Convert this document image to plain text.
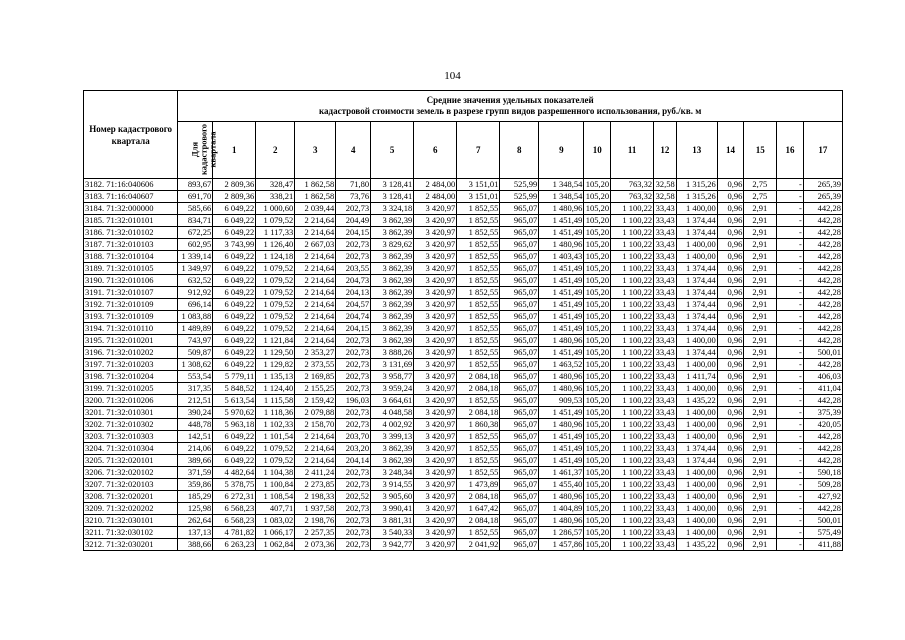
104
Номер кадастрового квартала	Средние значения удельных показателей
кадастровой стоимости земель в разрезе групп видов разрешенного использования, руб./кв. м																	

	Для кадастрового квартала	1	2	3	4	5	6	7	8	9	10	11	12	13	14	15	16	17
3182. 71:16:040606	893,67	2 809,36	328,47	1 862,58	71,80	3 128,41	2 484,00	3 151,01	525,99	1 348,54	105,20	763,32	32,58	1 315,26	0,96	2,75	-	265,39
3183. 71:16:040607	691,70	2 809,36	338,21	1 862,58	73,76	3 128,41	2 484,00	3 151,01	525,99	1 348,54	105,20	763,32	32,58	1 315,26	0,96	2,75	-	265,39
3184. 71:32:000000	585,66	6 049,22	1 000,60	2 039,44	202,73	3 324,18	3 420,97	1 852,55	965,07	1 480,96	105,20	1 100,22	33,43	1 400,00	0,96	2,91	-	442,28
3185. 71:32:010101	834,71	6 049,22	1 079,52	2 214,64	204,49	3 862,39	3 420,97	1 852,55	965,07	1 451,49	105,20	1 100,22	33,43	1 374,44	0,96	2,91	-	442,28
3186. 71:32:010102	672,25	6 049,22	1 117,33	2 214,64	204,15	3 862,39	3 420,97	1 852,55	965,07	1 451,49	105,20	1 100,22	33,43	1 374,44	0,96	2,91	-	442,28
3187. 71:32:010103	602,95	3 743,99	1 126,40	2 667,03	202,73	3 829,62	3 420,97	1 852,55	965,07	1 480,96	105,20	1 100,22	33,43	1 400,00	0,96	2,91	-	442,28
3188. 71:32:010104	1 339,14	6 049,22	1 124,18	2 214,64	202,73	3 862,39	3 420,97	1 852,55	965,07	1 403,43	105,20	1 100,22	33,43	1 400,00	0,96	2,91	-	442,28
3189. 71:32:010105	1 349,97	6 049,22	1 079,52	2 214,64	203,55	3 862,39	3 420,97	1 852,55	965,07	1 451,49	105,20	1 100,22	33,43	1 374,44	0,96	2,91	-	442,28
3190. 71:32:010106	632,52	6 049,22	1 079,52	2 214,64	204,73	3 862,39	3 420,97	1 852,55	965,07	1 451,49	105,20	1 100,22	33,43	1 374,44	0,96	2,91	-	442,28
3191. 71:32:010107	912,92	6 049,22	1 079,52	2 214,64	204,13	3 862,39	3 420,97	1 852,55	965,07	1 451,49	105,20	1 100,22	33,43	1 374,44	0,96	2,91	-	442,28
3192. 71:32:010109	696,14	6 049,22	1 079,52	2 214,64	204,57	3 862,39	3 420,97	1 852,55	965,07	1 451,49	105,20	1 100,22	33,43	1 374,44	0,96	2,91	-	442,28
3193. 71:32:010109	1 083,88	6 049,22	1 079,52	2 214,64	204,74	3 862,39	3 420,97	1 852,55	965,07	1 451,49	105,20	1 100,22	33,43	1 374,44	0,96	2,91	-	442,28
3194. 71:32:010110	1 489,89	6 049,22	1 079,52	2 214,64	204,15	3 862,39	3 420,97	1 852,55	965,07	1 451,49	105,20	1 100,22	33,43	1 374,44	0,96	2,91	-	442,28
3195. 71:32:010201	743,97	6 049,22	1 121,84	2 214,64	202,73	3 862,39	3 420,97	1 852,55	965,07	1 480,96	105,20	1 100,22	33,43	1 400,00	0,96	2,91	-	442,28
3196. 71:32:010202	509,87	6 049,22	1 129,50	2 353,27	202,73	3 888,26	3 420,97	1 852,55	965,07	1 451,49	105,20	1 100,22	33,43	1 374,44	0,96	2,91	-	500,01
3197. 71:32:010203	1 308,62	6 049,22	1 129,82	2 373,55	202,73	3 131,69	3 420,97	1 852,55	965,07	1 463,52	105,20	1 100,22	33,43	1 400,00	0,96	2,91	-	442,28
3198. 71:32:010204	553,54	5 779,11	1 135,13	2 169,85	202,73	3 958,77	3 420,97	2 084,18	965,07	1 480,96	105,20	1 100,22	33,43	1 411,74	0,96	2,91	-	406,03
3199. 71:32:010205	317,35	5 848,52	1 124,40	2 155,25	202,73	3 959,24	3 420,97	2 084,18	965,07	1 480,96	105,20	1 100,22	33,43	1 400,00	0,96	2,91	-	411,04
3200. 71:32:010206	212,51	5 613,54	1 115,58	2 159,42	196,03	3 664,61	3 420,97	1 852,55	965,07	909,53	105,20	1 100,22	33,43	1 435,22	0,96	2,91	-	442,28
3201. 71:32:010301	390,24	5 970,62	1 118,36	2 079,88	202,73	4 048,58	3 420,97	2 084,18	965,07	1 451,49	105,20	1 100,22	33,43	1 400,00	0,96	2,91	-	375,39
3202. 71:32:010302	448,78	5 963,18	1 102,33	2 158,70	202,73	4 002,92	3 420,97	1 860,38	965,07	1 480,96	105,20	1 100,22	33,43	1 400,00	0,96	2,91	-	420,05
3203. 71:32:010303	142,51	6 049,22	1 101,54	2 214,64	203,70	3 399,13	3 420,97	1 852,55	965,07	1 451,49	105,20	1 100,22	33,43	1 400,00	0,96	2,91	-	442,28
3204. 71:32:010304	214,06	6 049,22	1 079,52	2 214,64	203,20	3 862,39	3 420,97	1 852,55	965,07	1 451,49	105,20	1 100,22	33,43	1 374,44	0,96	2,91	-	442,28
3205. 71:32:020101	389,66	6 049,22	1 079,52	2 214,64	204,14	3 862,39	3 420,97	1 852,55	965,07	1 451,49	105,20	1 100,22	33,43	1 374,44	0,96	2,91	-	442,28
3206. 71:32:020102	371,59	4 482,64	1 104,38	2 411,24	202,73	3 248,34	3 420,97	1 852,55	965,07	1 461,37	105,20	1 100,22	33,43	1 400,00	0,96	2,91	-	590,18
3207. 71:32:020103	359,86	5 378,75	1 100,84	2 273,85	202,73	3 914,55	3 420,97	1 473,89	965,07	1 455,40	105,20	1 100,22	33,43	1 400,00	0,96	2,91	-	509,28
3208. 71:32:020201	185,29	6 272,31	1 108,54	2 198,33	202,52	3 905,60	3 420,97	2 084,18	965,07	1 480,96	105,20	1 100,22	33,43	1 400,00	0,96	2,91	-	427,92
3209. 71:32:020202	125,98	6 568,23	407,71	1 937,58	202,73	3 990,41	3 420,97	1 647,42	965,07	1 404,89	105,20	1 100,22	33,43	1 400,00	0,96	2,91	-	442,28
3210. 71:32:030101	262,64	6 568,23	1 083,02	2 198,76	202,73	3 881,31	3 420,97	2 084,18	965,07	1 480,96	105,20	1 100,22	33,43	1 400,00	0,96	2,91	-	500,01
3211. 71:32:030102	137,13	4 781,82	1 066,17	2 257,35	202,73	3 540,33	3 420,97	1 852,55	965,07	1 286,57	105,20	1 100,22	33,43	1 400,00	0,96	2,91	-	575,49
3212. 71:32:030201	388,66	6 263,23	1 062,84	2 073,36	202,73	3 942,77	3 420,97	2 041,92	965,07	1 457,86	105,20	1 100,22	33,43	1 435,22	0,96	2,91	-	411,88
